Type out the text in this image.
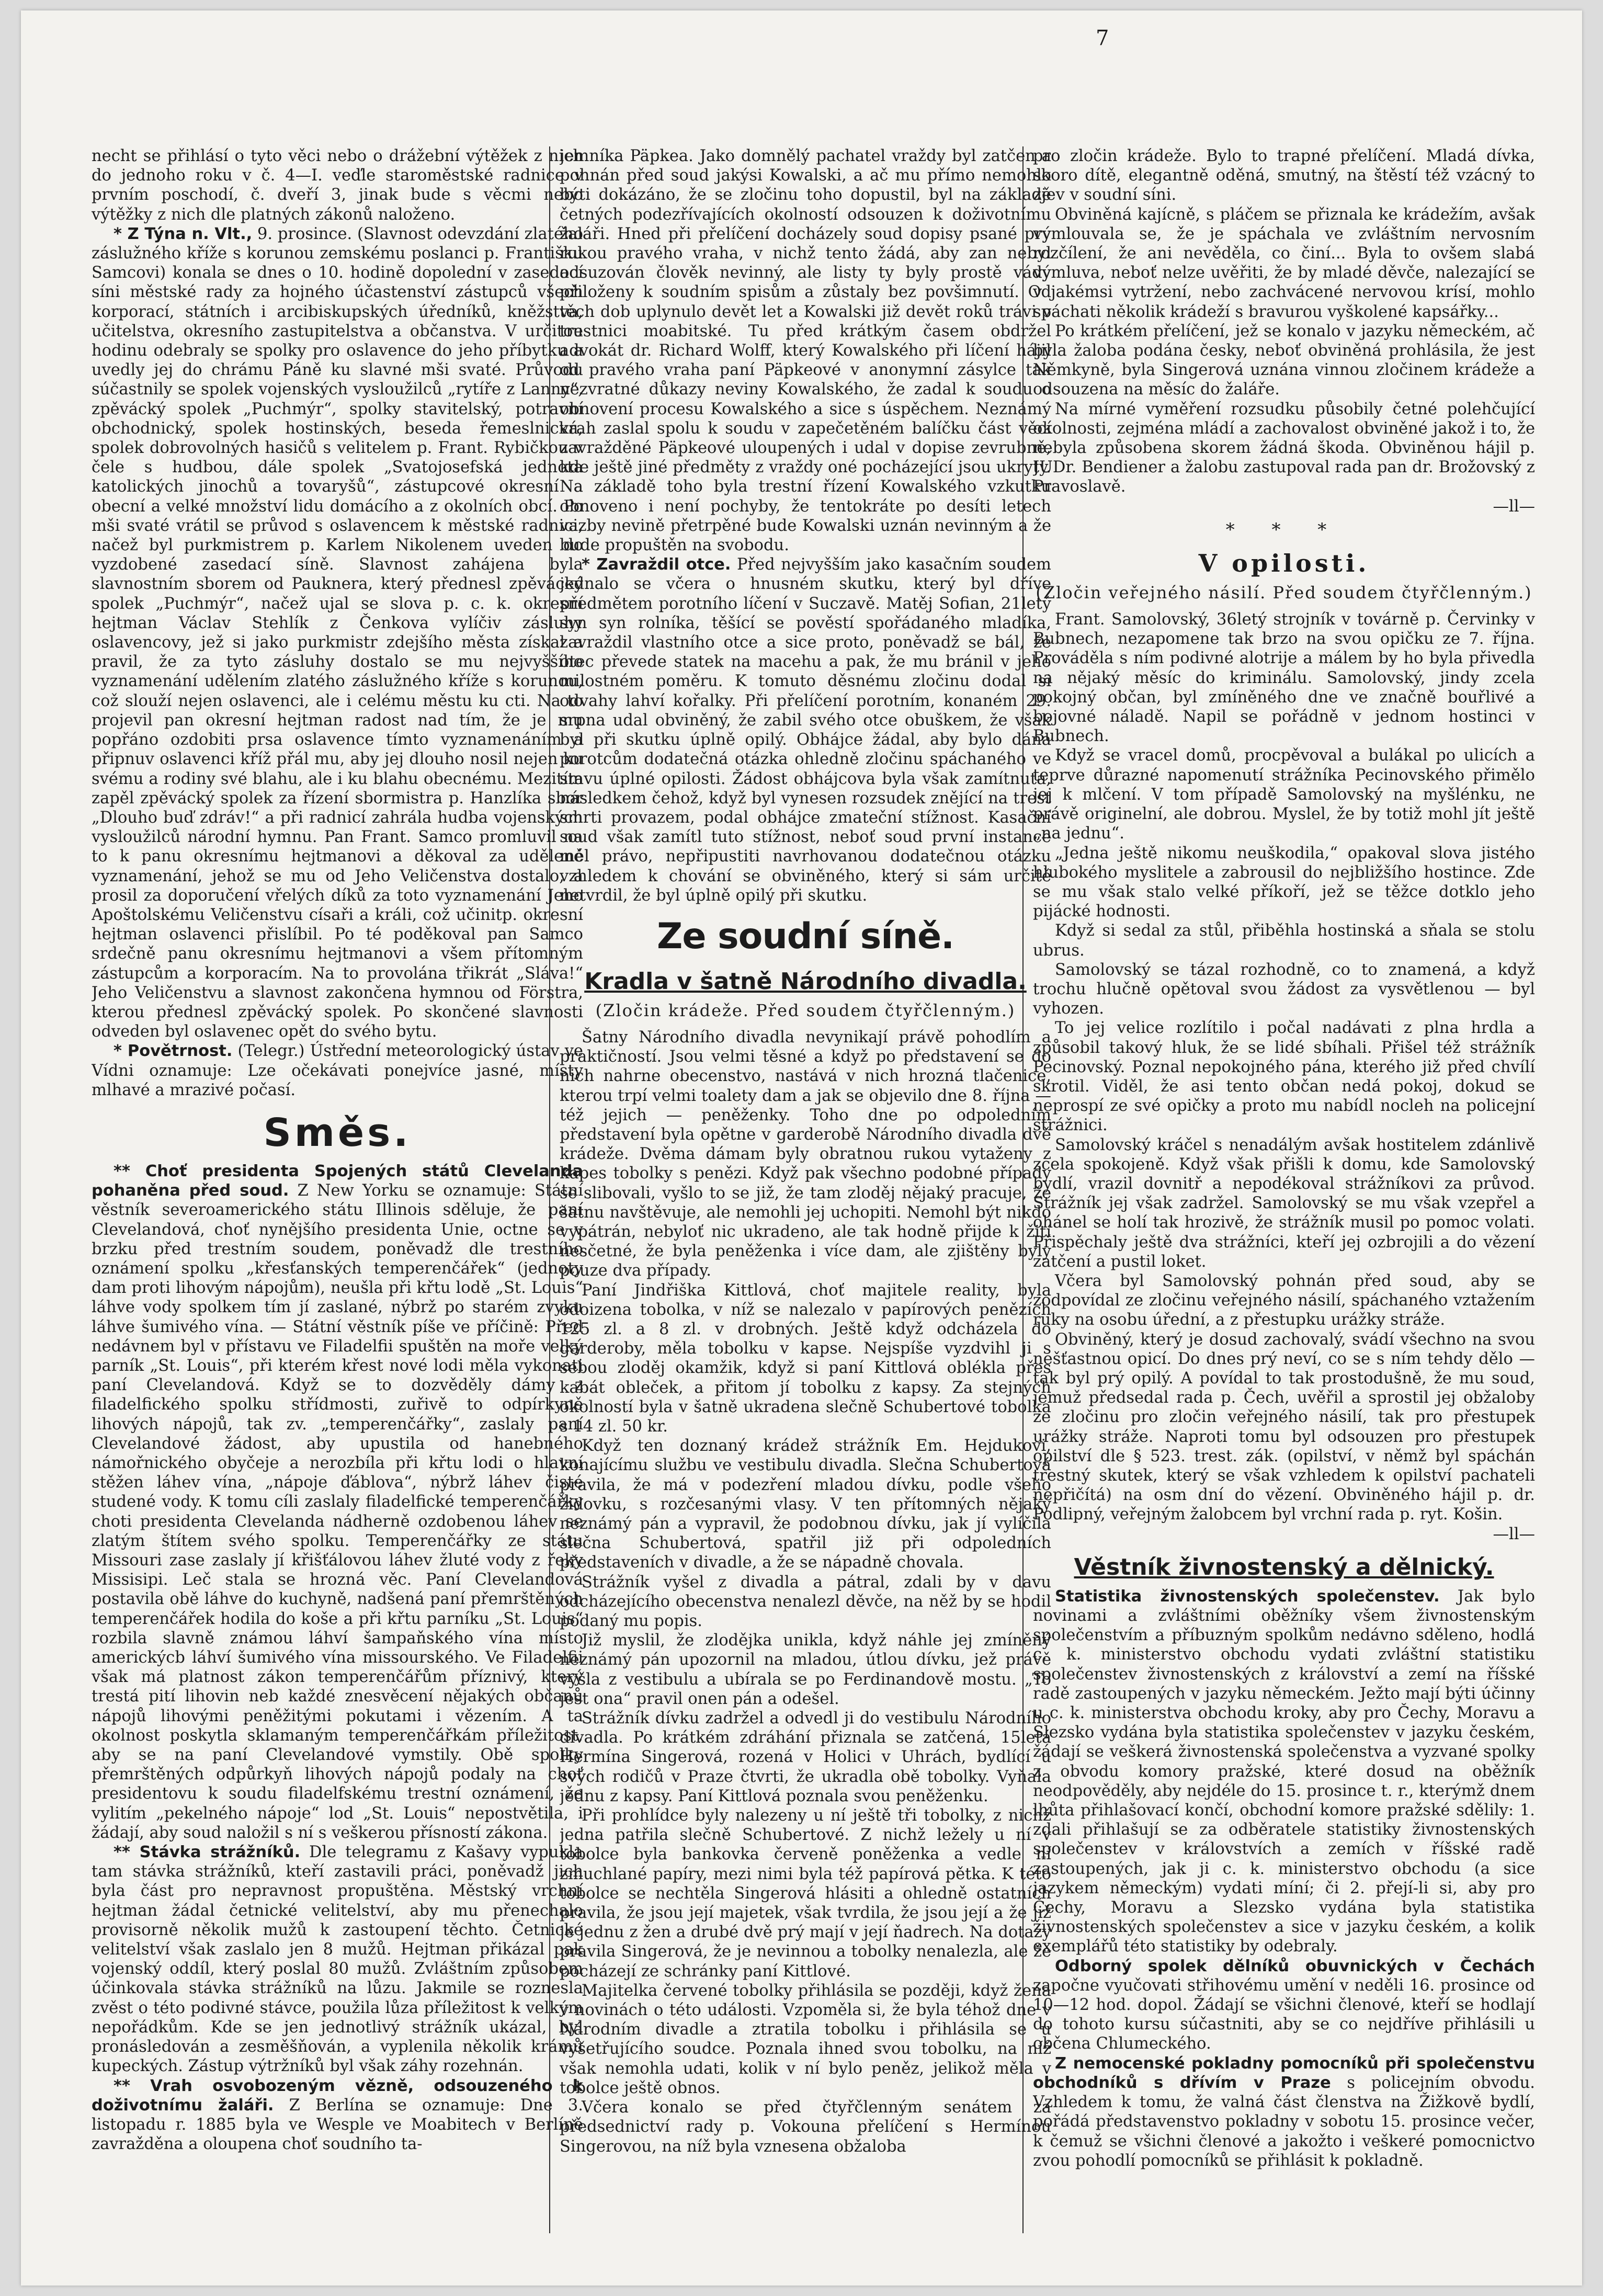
7

necht se přihlásí o tyto věci nebo o drážební výtěžek z nich do jednoho roku v č. 4—I. veďle staroměstské radnice v prvním poschodí, č. dveří 3, jinak bude s věcmi nebo výtěžky z nich dle platných zákonů naloženo.

* Z Týna n. Vlt., 9. prosince. (Slavnost odevzdání zlatého záslužného kříže s korunou zemskému poslanci p. Františku Samcovi) konala se dnes o 10. hodině dopolední v zasedací síni městské rady za hojného účastenství zástupců všech korporací, státních i arcibiskupských úředníků, kněžstva, učitelstva, okresního zastupitelstva a občanstva. V určitou hodinu odebraly se spolky pro oslavence do jeho příbytku a uvedly jej do chrámu Páně ku slavné mši svaté. Průvodu súčastnily se spolek vojenských vysloužilců „rytíře z Lanny“, zpěvácký spolek „Puchmýr“, spolky stavitelský, potravní obchodnický, spolek hostinských, beseda řemeslnická, spolek dobrovolných hasičů s velitelem p. Frant. Rybičkou v čele s hudbou, dále spolek „Svatojosefská jednota katolických jinochů a tovaryšů“, zástupcové okresní a obecní a velké množství lidu domácího a z okolních obcí. Po mši svaté vrátil se průvod s oslavencem k městské radnici, načež byl purkmistrem p. Karlem Nikolenem uveden do vyzdobené zasedací síně. Slavnost zahájena byla slavnostním sborem od Pauknera, který přednesl zpěvácký spolek „Puchmýr“, načež ujal se slova p. c. k. okresní hejtman Václav Stehlík z Čenkova vylíčiv zásluhy oslavencovy, jež si jako purkmistr zdejšího města získal a pravil, že za tyto zásluhy dostalo se mu nejvyššího vyznamenání udělením zlatého záslužného kříže s korunou, což slouží nejen oslavenci, ale i celému městu ku cti. Na to projevil pan okresní hejtman radost nad tím, že je mu popřáno ozdobiti prsa oslavence tímto vyznamenáním a připnuv oslavenci kříž přál mu, aby jej dlouho nosil nejen ku svému a rodiny své blahu, ale i ku blahu obecnému. Mezitím zapěl zpěvácký spolek za řízení sbormistra p. Hanzlíka sbor „Dlouho buď zdráv!“ a při radnicí zahrála hudba vojenských vysloužilců národní hymnu. Pan Frant. Samco promluvil na to k panu okresnímu hejtmanovi a děkoval za udělené vyznamenání, jehož se mu od Jeho Veličenstva dostalo, a prosil za doporučení vřelých díků za toto vyznamenání Jeho Apoštolskému Veličenstvu císaři a králi, což učinitp. okresní hejtman oslavenci přislíbil. Po té poděkoval pan Samco srdečně panu okresnímu hejtmanovi a všem přítomným zástupcům a korporacím. Na to provolána třikrát „Sláva!“ Jeho Veličenstvu a slavnost zakončena hymnou od Förstra, kterou přednesl zpěvácký spolek. Po skončené slavnosti odveden byl oslavenec opět do svého bytu.

* Povětrnost. (Telegr.) Ústřední meteorologický ústav ve Vídni oznamuje: Lze očekávati ponejvíce jasné, místy mlhavé a mrazivé počasí.

Směs.

** Choť presidenta Spojených států Clevelanda pohaněna před soud. Z New Yorku se oznamuje: Státní věstník severoamerického státu Illinois sděluje, že paní Clevelandová, choť nynějšího presidenta Unie, octne se v brzku před trestním soudem, poněvadž dle trestního oznámení spolku „křesťanských temperenčářek“ (jednoty dam proti lihovým nápojům), neušla při křtu lodě „St. Louis“ láhve vody spolkem tím jí zaslané, nýbrž po starém zvyku láhve šumivého vína. — Státní věstník píše ve příčině: Před nedávnem byl v přístavu ve Filadelfii spuštěn na moře velký parník „St. Louis“, při kterém křest nové lodi měla vykonati paní Clevelandová. Když se to dozvěděly dámy z filadelfického spolku střídmosti, zuřivě to odpírkyně lihových nápojů, tak zv. „temperenčářky“, zaslaly paní Clevelandové žádost, aby upustila od hanebného námořnického obyčeje a nerozbíla při křtu lodi o hlavní stěžen láhev vína, „nápoje ďáblova“, nýbrž láhev čisté studené vody. K tomu cíli zaslaly filadelfické temperenčářky choti presidenta Clevelanda nádherně ozdobenou láhev se zlatým štítem svého spolku. Temperenčářky ze státu Missouri zase zaslaly jí křišťálovou láhev žluté vody z řeky Missisipi. Leč stala se hrozná věc. Paní Clevelandová postavila obě láhve do kuchyně, nadšená paní přemrštěných temperenčářek hodila do koše a při křtu parníku „St. Louis“ rozbila slavně známou láhví šampaňského vína místo americkýcb láhví šumivého vína missourského. Ve Filadelfii však má platnost zákon temperenčářům příznivý, který trestá pití lihovin neb každé znesvěcení nějakých občanů nápojů lihovými peněžitými pokutami i vězením. A ta okolnost poskytla sklamaným temperenčářkám příležitost, aby se na paní Clevelandové vymstily. Obě spolky přemrštěných odpůrkyň lihových nápojů podaly na choť presidentovu k soudu filadelfskému trestní oznámení, že vylitím „pekelného nápoje“ lod „St. Louis“ nepostvětila, i žádají, aby soud naložil s ní s veškerou přísností zákona.

** Stávka strážníků. Dle telegramu z Kašavy vypukla tam stávka strážníků, kteří zastavili práci, poněvadž jich byla část pro nepravnost propuštěna. Městský vrchní hejtman žádal četnické velitelství, aby mu přenechalo provisorně několik mužů k zastoupení těchto. Četnické velitelství však zaslalo jen 8 mužů. Hejtman přikázal pak vojenský oddíl, který poslal 80 mužů. Zvláštním způsobem účinkovala stávka strážníků na lůzu. Jakmile se roznesla zvěst o této podivné stávce, použila lůza příležitost k velkým nepořádkům. Kde se jen jednotlivý strážník ukázal, byl pronásledován a zesměšňován, a vyplenila několik krámů kupeckých. Zástup výtržníků byl však záhy rozehnán.

** Vrah osvobozeným vězně, odsouzeného k doživotnímu žaláři. Z Berlína se oznamuje: Dne 3. listopadu r. 1885 byla ve Wesple ve Moabitech v Berlíně zavražděna a oloupena choť soudního ta-

jemníka Päpkea. Jako domnělý pachatel vraždy byl zatčen a pohnán před soud jakýsi Kowalski, a ač mu přímo nemohlo býti dokázáno, že se zločinu toho dopustil, byl na základě četných podezřívajících okolností odsouzen k doživotnímu žaláři. Hned při přelíčení docházely soud dopisy psané prý rukou pravého vraha, v nichž tento žádá, aby zan nebyl odsuzován člověk nevinný, ale listy ty byly prostě vády přiloženy k soudním spisům a zůstaly bez povšimnutí. Od těch dob uplynulo devět let a Kowalski již devět roků trávi v trestnici moabitské. Tu před krátkým časem obdržel advokát dr. Richard Wolff, který Kowalského při líčení hájil od pravého vraha paní Päpkeové v anonymní zásylce tak nezvratné důkazy neviny Kowalského, že zadal k soudu o obnovení procesu Kowalského a sice s úspěchem. Neznámý vrah zaslal spolu k soudu v zapečetěném balíčku část věcí zavražděné Päpkeové uloupených i udal v dopise zevrubně, kde ještě jiné předměty z vraždy oné pocházející jsou ukryty. Na základě toho byla trestní řízení Kowalského vzkutku obnoveno i není pochyby, že tentokráte po desíti letech vazby nevině přetrpěné bude Kowalski uznán nevinným a že bude propuštěn na svobodu.

* Zavraždil otce. Před nejvyšším jako kasačním soudem jednalo se včera o hnusném skutku, který byl dříve předmětem porotního líčení v Suczavě. Matěj Sofian, 21letý syn syn rolníka, těšící se pověstí spořádaného mladíka, zavraždil vlastního otce a sice proto, poněvadž se bál, že otec převede statek na macehu a pak, že mu bránil v jeho milostném poměru. K tomuto děsnému zločinu dodal si odvahy lahví kořalky. Při přelíčení porotním, konaném 29. srpna udal obviněný, že zabil svého otce obuškem, že však byl při skutku úplně opilý. Obhájce žádal, aby bylo dána porotcům dodatečná otázka ohledně zločinu spáchaného ve stavu úplné opilosti. Žádost obhájcova byla však zamítnuta, následkem čehož, když byl vynesen rozsudek znějící na trest smrti provazem, podal obhájce zmateční stížnost. Kasační soud však zamítl tuto stížnost, neboť soud první instance měl právo, nepřipustiti navrhovanou dodatečnou otázku vzhledem k chování se obviněného, který si sám určitě netvrdil, že byl úplně opilý při skutku.

Ze soudní síně.
Kradla v šatně Národního divadla.
(Zločin krádeže. Před soudem čtyřčlenným.)

Šatny Národního divadla nevynikají právě pohodlím a praktičností. Jsou velmi těsné a když po představení se do nich nahrne obecenstvo, nastává v nich hrozná tlačenice, kterou trpí velmi toalety dam a jak se objevilo dne 8. října — též jejich — peněženky. Toho dne po odpoledním představení byla opětne v garderobě Národního divadla dvě krádeže. Dvěma dámam byly obratnou rukou vytaženy z kapes tobolky s penězi. Když pak všechno podobné případy se slibovali, vyšlo to se již, že tam zloděj nějaký pracuje, že šatnu navštěvuje, ale nemohli jej uchopiti. Nemohl být nikdo vypátrán, nebyloť nic ukradeno, ale tak hodně přijde k žití nesčetné, že byla peněženka i více dam, ale zjištěny byly pouze dva případy.

Paní Jindřiška Kittlová, choť majitele reality, byla odoizena tobolka, v níž se nalezalo v papírových penězích 125 zl. a 8 zl. v drobných. Ještě když odcházela do garderoby, měla tobolku v kapse. Nejspíše vyzdvihl ji s sebou zloděj okamžik, když si paní Kittlová oblékla přes kabát obleček, a přitom jí tobolku z kapsy. Za stejných okolností byla v šatně ukradena slečně Schubertové tobolka s 14 zl. 50 kr.

Když ten doznaný krádež strážník Em. Hejdukovi, konajícímu službu ve vestibulu divadla. Slečna Schubertová pravila, že má v podezření mladou dívku, podle všeho židovku, s rozčesanými vlasy. V ten přítomných nějaký neznámý pán a vypravil, že podobnou dívku, jak jí vylíčila slečna Schubertová, spatřil již při odpoledních představeních v divadle, a že se nápadně chovala.

Strážník vyšel z divadla a pátral, zdali by v davu odcházejícího obecenstva nenalezl děvče, na něž by se hodil podaný mu popis.

Již myslil, že zlodějka unikla, když náhle jej zmíněný neznámý pán upozornil na mladou, útlou dívku, jež právě vyšla z vestibulu a ubírala se po Ferdinandově mostu. „To jest ona“ pravil onen pán a odešel.

Strážník dívku zadržel a odvedl ji do vestibulu Národního divadla. Po krátkém zdráhání přiznala se zatčená, 15letá Hermína Singerová, rozená v Holici v Uhrách, bydlící u svých rodičů v Praze čtvrti, že ukradla obě tobolky. Vyňala jednu z kapsy. Paní Kittlová poznala svou peněženku.

Při prohlídce byly nalezeny u ní ještě tři tobolky, z nichž jedna patřila slečně Schubertové. Z nichž ležely u ní v tobolce byla bankovka červeně poněženka a vedle ní zmuchlané papíry, mezi nimi byla též papírová pětka. K této tobolce se nechtěla Singerová hlásiti a ohledně ostatních pravila, že jsou její majetek, však tvrdila, že jsou její a že již je jednu z žen a drubé dvě prý mají v její ňadrech. Na dotazy pravila Singerová, že je nevinnou a tobolky nenalezla, ale že pocházejí ze schránky paní Kittlové.

Majitelka červené tobolky přihlásila se později, když žena v novinách o této události. Vzpoměla si, že byla téhož dne v Národním divadle a ztratila tobolku i přihlásila se u vyšetřujícího soudce. Poznala ihned svou tobolku, na níž však nemohla udati, kolik v ní bylo peněz, jelikož měla v tobolce ještě obnos.

Včera konalo se před čtyřčlenným senátem za předsednictví rady p. Vokouna přelíčení s Hermínou Singerovou, na níž byla vznesena obžaloba

pro zločin krádeže. Bylo to trapné přelíčení. Mladá dívka, skoro dítě, elegantně oděná, smutný, na štěstí též vzácný to zjev v soudní síni.

Obviněná kajícně, s pláčem se přiznala ke krádežím, avšak vymlouvala se, že je spáchala ve zvláštním nervosním rozčílení, že ani nevěděla, co činí... Byla to ovšem slabá výmluva, neboť nelze uvěřiti, že by mladé děvče, nalezající se v jakémsi vytržení, nebo zachvácené nervovou krísí, mohlo spáchati několik krádeží s bravurou vyškolené kapsářky...

Po krátkém přelíčení, jež se konalo v jazyku německém, ač byla žaloba podána česky, neboť obviněná prohlásila, že jest Němkyně, byla Singerová uznána vinnou zločinem krádeže a odsouzena na měsíc do žaláře.

Na mírné vyměření rozsudku působily četné polehčující okolnosti, zejména mládí a zachovalost obviněné jakož i to, že nebyla způsobena skorem žádná škoda. Obviněnou hájil p. JUDr. Bendiener a žalobu zastupoval rada pan dr. Brožovský z Pravoslavě.

—ll—

* * *
V opilosti.
(Zločin veřejného násilí. Před soudem čtyřčlenným.)

Frant. Samolovský, 36letý strojník v továrně p. Červinky v Bubnech, nezapomene tak brzo na svou opičku ze 7. října. Prováděla s ním podivné alotrije a málem by ho byla přivedla na nějaký měsíc do kriminálu. Samolovský, jindy zcela pokojný občan, byl zmíněného dne ve značně bouřlivé a bojovné náladě. Napil se pořádně v jednom hostinci v Bubnech.

Když se vracel domů, procpěvoval a bulákal po ulicích a teprve důrazné napomenutí strážníka Pecinovského přimělo jej k mlčení. V tom případě Samolovský na myšlénku, ne právě originelní, ale dobrou. Myslel, že by totiž mohl jít ještě „na jednu“.

„Jedna ještě nikomu neuškodila,“ opakoval slova jistého hlubokého myslitele a zabrousil do nejbližšího hostince. Zde se mu však stalo velké příkoří, jež se těžce dotklo jeho pijácké hodnosti.

Když si sedal za stůl, přiběhla hostinská a sňala se stolu ubrus.

Samolovský se tázal rozhodně, co to znamená, a když trochu hlučně opětoval svou žádost za vysvětlenou — byl vyhozen.

To jej velice rozlítilo i počal nadávati z plna hrdla a způsobil takový hluk, že se lidé sbíhali. Přišel též strážník Pecinovský. Poznal nepokojného pána, kterého již před chvílí skrotil. Viděl, že asi tento občan nedá pokoj, dokud se neprospí ze své opičky a proto mu nabídl nocleh na policejní strážnici.

Samolovský kráčel s nenadálým avšak hostitelem zdánlivě zcela spokojeně. Když však přišli k domu, kde Samolovský bydlí, vrazil dovnitř a nepodékoval strážníkovi za průvod. Strážník jej však zadržel. Samolovský se mu však vzepřel a ohánel se holí tak hrozivě, že strážník musil po pomoc volati. Přispěchaly ještě dva strážníci, kteří jej ozbrojili a do vězení zatčení a pustil loket.

Včera byl Samolovský pohnán před soud, aby se zodpovídal ze zločinu veřejného násilí, spáchaného vztažením ruky na osobu úřední, a z přestupku urážky stráže.

Obviněný, který je dosud zachovalý, svádí všechno na svou nešťastnou opicí. Do dnes prý neví, co se s ním tehdy dělo — tak byl prý opilý. A povídal to tak prostodušně, že mu soud, jemuž předsedal rada p. Čech, uvěřil a sprostil jej obžaloby ze zločinu pro zločin veřejného násilí, tak pro přestupek urážky stráže. Naproti tomu byl odsouzen pro přestupek opilství dle § 523. trest. zák. (opilství, v němž byl spáchán trestný skutek, který se však vzhledem k opilství pachateli nepřičítá) na osm dní do vězení. Obviněného hájil p. dr. Podlipný, veřejným žalobcem byl vrchní rada p. ryt. Košin.

—ll—

Věstník živnostenský a dělnický.

Statistika živnostenských společenstev. Jak bylo novinami a zvláštními oběžníky všem živnostenským společenstvím a příbuzným spolkům nedávno sděleno, hodlá c. k. ministerstvo obchodu vydati zvláštní statistiku společenstev živnostenských z království a zemí na říšské radě zastoupených v jazyku německém. Ježto mají býti účinny u c. k. ministerstva obchodu kroky, aby pro Čechy, Moravu a Slezsko vydána byla statistika společenstev v jazyku českém, žádají se veškerá živnostenská společenstva a vyzvané spolky z obvodu komory pražské, které dosud na oběžník neodpověděly, aby nejdéle do 15. prosince t. r., kterýmž dnem lhůta přihlašovací končí, obchodní komore pražské sdělily: 1. zdali přihlašují se za odběratele statistiky živnostenských společenstev v královstvích a zemích v říšské radě zastoupených, jak ji c. k. ministerstvo obchodu (a sice jazykem německým) vydati míní; či 2. přejí-li si, aby pro Čechy, Moravu a Slezsko vydána byla statistika živnostenských společenstev a sice v jazyku českém, a kolik exemplářů této statistiky by odebraly.

Odborný spolek dělníků obuvnických v Čechách započne vyučovati střihovému umění v neděli 16. prosince od 10—12 hod. dopol. Žádají se všichni členové, kteří se hodlají do tohoto kursu súčastniti, aby se co nejdříve přihlásili u občena Chlumeckého.

Z nemocenské pokladny pomocníků při společenstvu obchodníků s dřívím v Praze s policejním obvodu. Vzhledem k tomu, že valná část členstva na Žižkově bydlí, pořádá představenstvo pokladny v sobotu 15. prosince večer, k čemuž se všichni členové a jakožto i veškeré pomocnictvo zvou pohodlí pomocníků se přihlásit k pokladně.
